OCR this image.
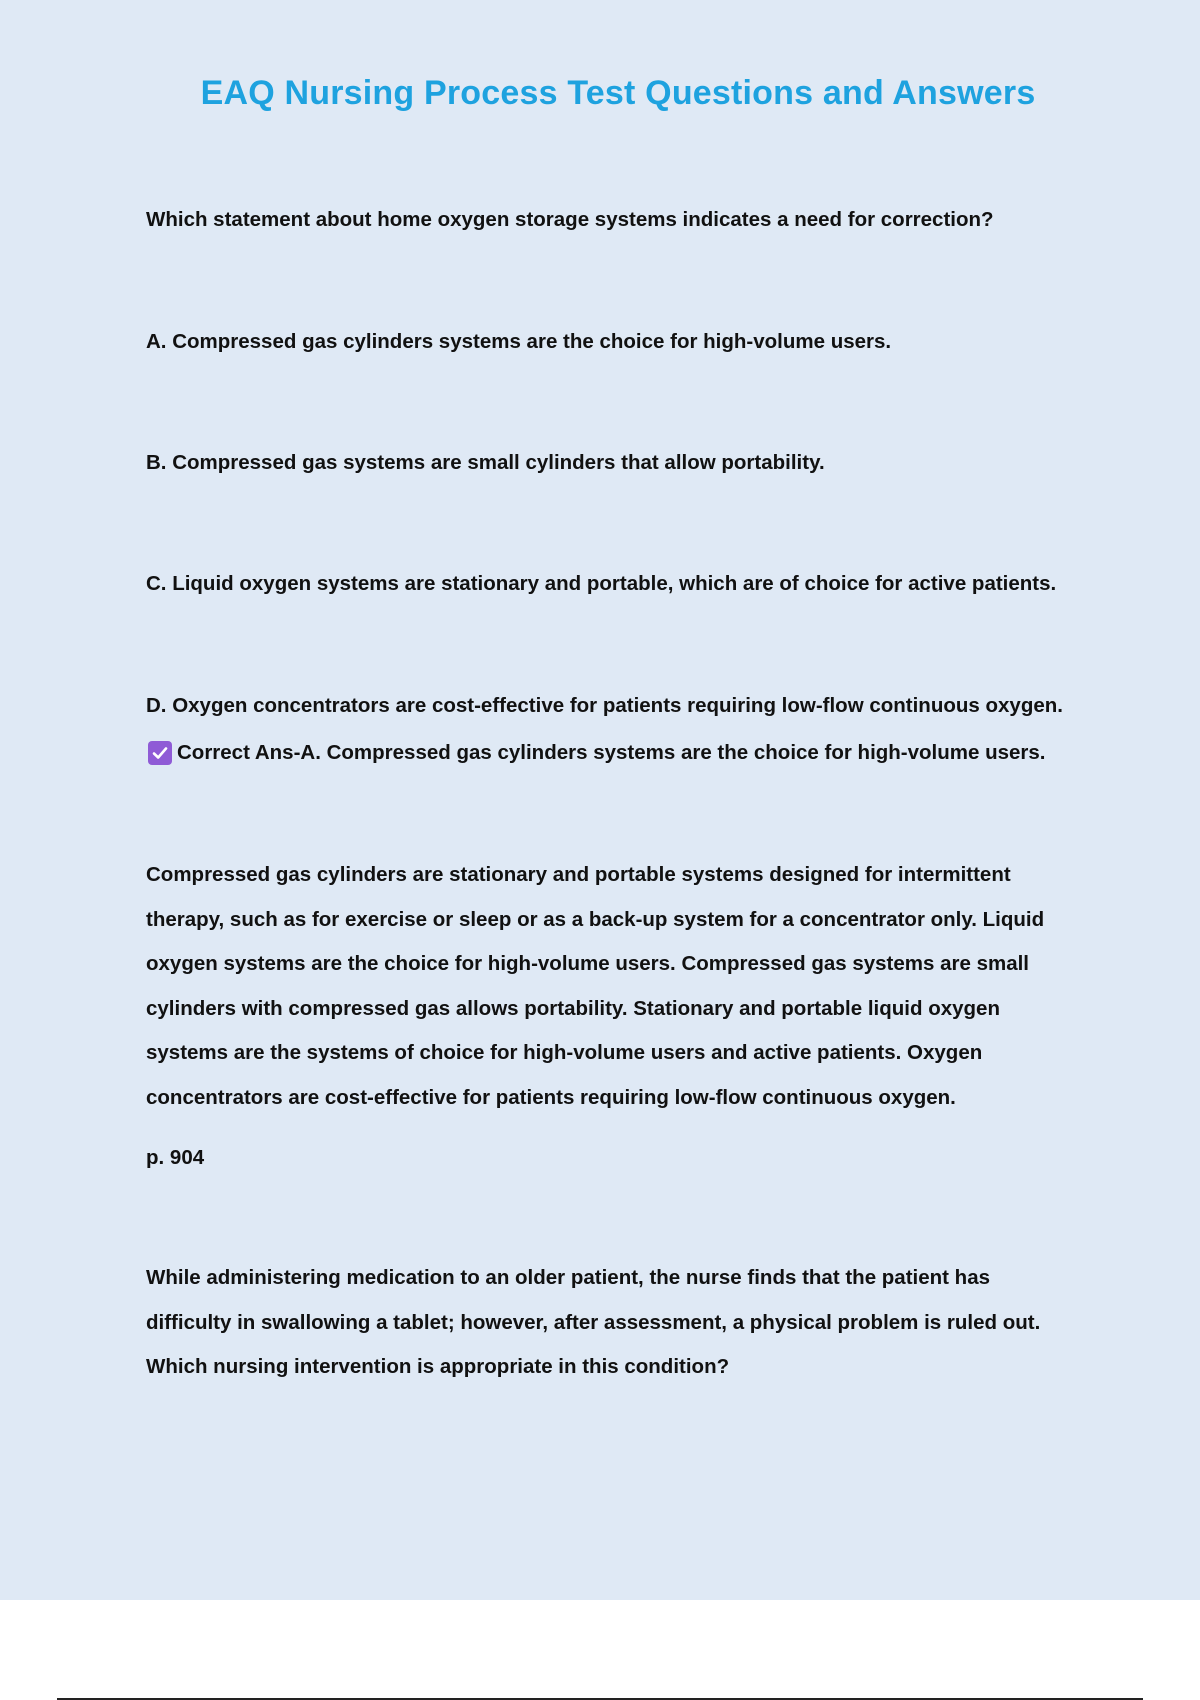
EAQ Nursing Process Test Questions and Answers
Which statement about home oxygen storage systems indicates a need for correction?
A. Compressed gas cylinders systems are the choice for high-volume users.
B. Compressed gas systems are small cylinders that allow portability.
C. Liquid oxygen systems are stationary and portable, which are of choice for active patients.
D. Oxygen concentrators are cost-effective for patients requiring low-flow continuous oxygen.
Correct Ans-A. Compressed gas cylinders systems are the choice for high-volume users.
Compressed gas cylinders are stationary and portable systems designed for intermittent
therapy, such as for exercise or sleep or as a back-up system for a concentrator only. Liquid
oxygen systems are the choice for high-volume users. Compressed gas systems are small
cylinders with compressed gas allows portability. Stationary and portable liquid oxygen
systems are the systems of choice for high-volume users and active patients. Oxygen
concentrators are cost-effective for patients requiring low-flow continuous oxygen.
p. 904
While administering medication to an older patient, the nurse finds that the patient has
difficulty in swallowing a tablet; however, after assessment, a physical problem is ruled out.
Which nursing intervention is appropriate in this condition?
